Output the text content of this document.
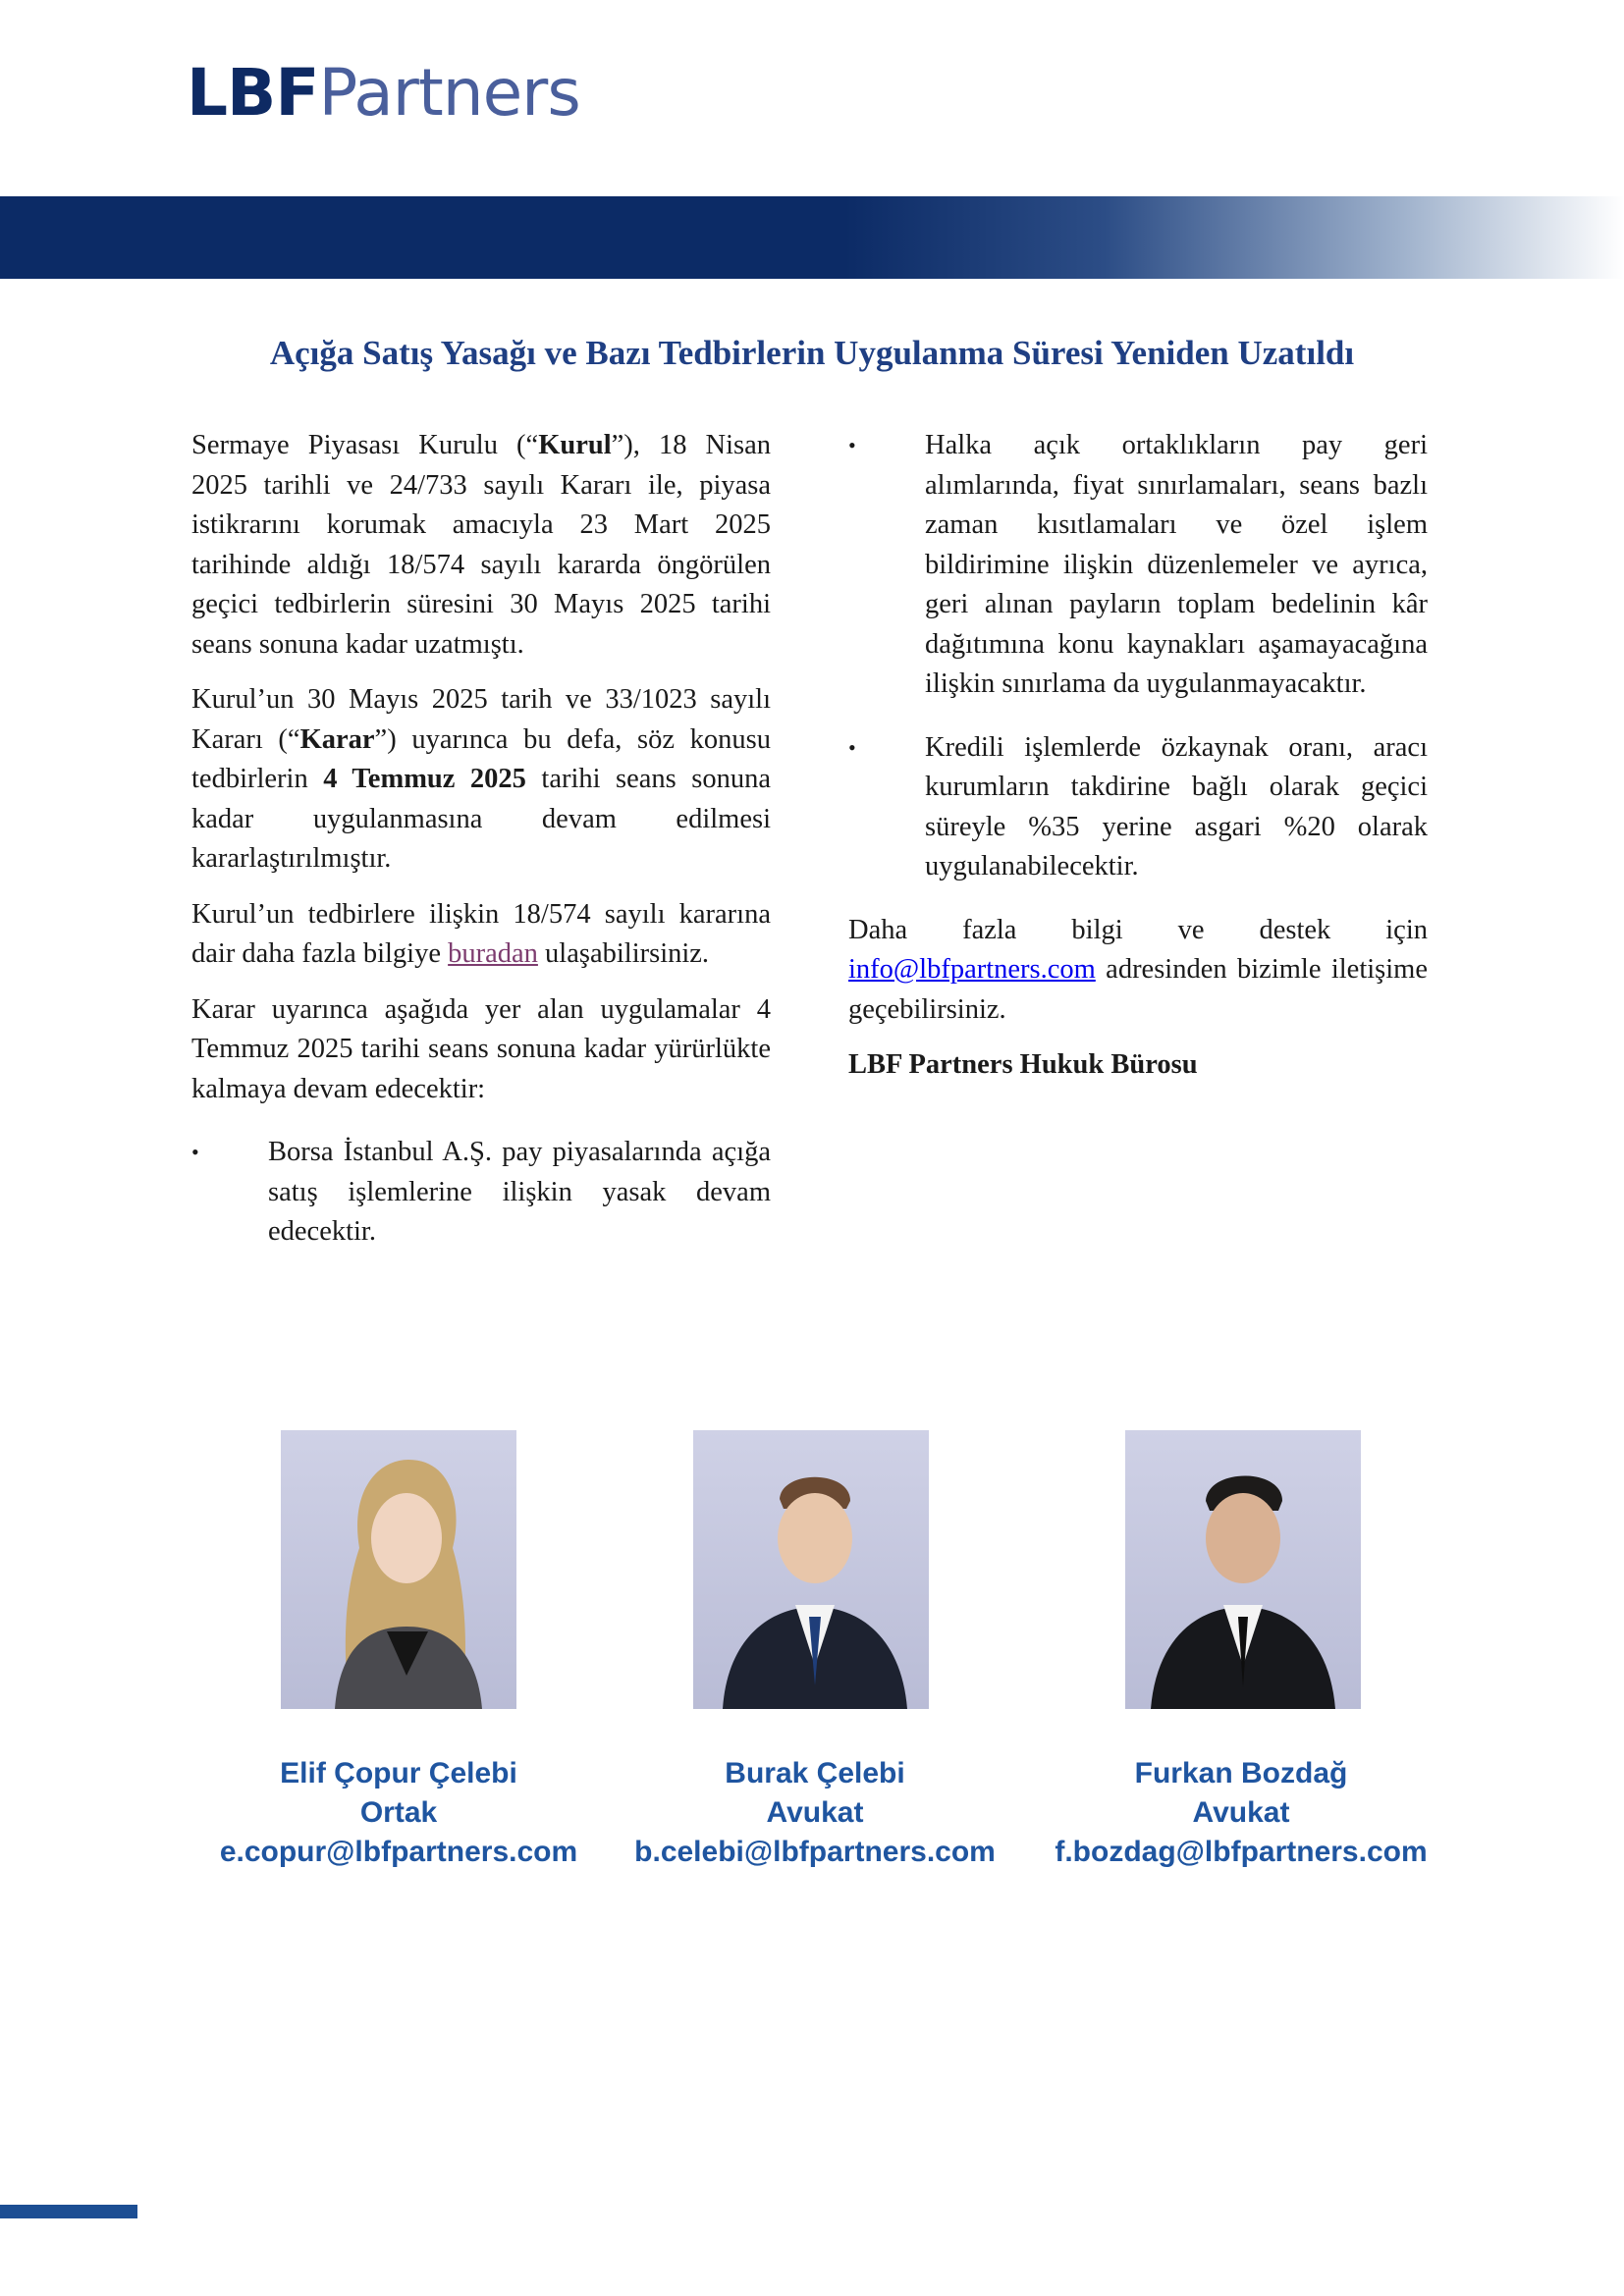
LBFPartners
Açığa Satış Yasağı ve Bazı Tedbirlerin Uygulanma Süresi Yeniden Uzatıldı

Sermaye Piyasası Kurulu (“Kurul”), 18 Nisan 2025 tarihli ve 24/733 sayılı Kararı ile, piyasa istikrarını korumak amacıyla 23 Mart 2025 tarihinde aldığı 18/574 sayılı kararda öngörülen geçici tedbirlerin süresini 30 Mayıs 2025 tarihi seans sonuna kadar uzatmıştı.

Kurul’un 30 Mayıs 2025 tarih ve 33/1023 sayılı Kararı (“Karar”) uyarınca bu defa, söz konusu tedbirlerin 4 Temmuz 2025 tarihi seans sonuna kadar uygulanmasına devam edilmesi kararlaştırılmıştır.

Kurul’un tedbirlere ilişkin 18/574 sayılı kararına dair daha fazla bilgiye buradan ulaşabilirsiniz.

Karar uyarınca aşağıda yer alan uygulamalar 4 Temmuz 2025 tarihi seans sonuna kadar yürürlükte kalmaya devam edecektir:

• Borsa İstanbul A.Ş. pay piyasalarında açığa satış işlemlerine ilişkin yasak devam edecektir.
• Halka açık ortaklıkların pay geri alımlarında, fiyat sınırlamaları, seans bazlı zaman kısıtlamaları ve özel işlem bildirimine ilişkin düzenlemeler ve ayrıca, geri alınan payların toplam bedelinin kâr dağıtımına konu kaynakları aşamayacağına ilişkin sınırlama da uygulanmayacaktır.
• Kredili işlemlerde özkaynak oranı, aracı kurumların takdirine bağlı olarak geçici süreyle %35 yerine asgari %20 olarak uygulanabilecektir.

Daha fazla bilgi ve destek için info@lbfpartners.com adresinden bizimle iletişime geçebilirsiniz.

LBF Partners Hukuk Bürosu

Elif Çopur Çelebi
Ortak
e.copur@lbfpartners.com
Burak Çelebi
Avukat
b.celebi@lbfpartners.com
Furkan Bozdağ
Avukat
f.bozdag@lbfpartners.com
